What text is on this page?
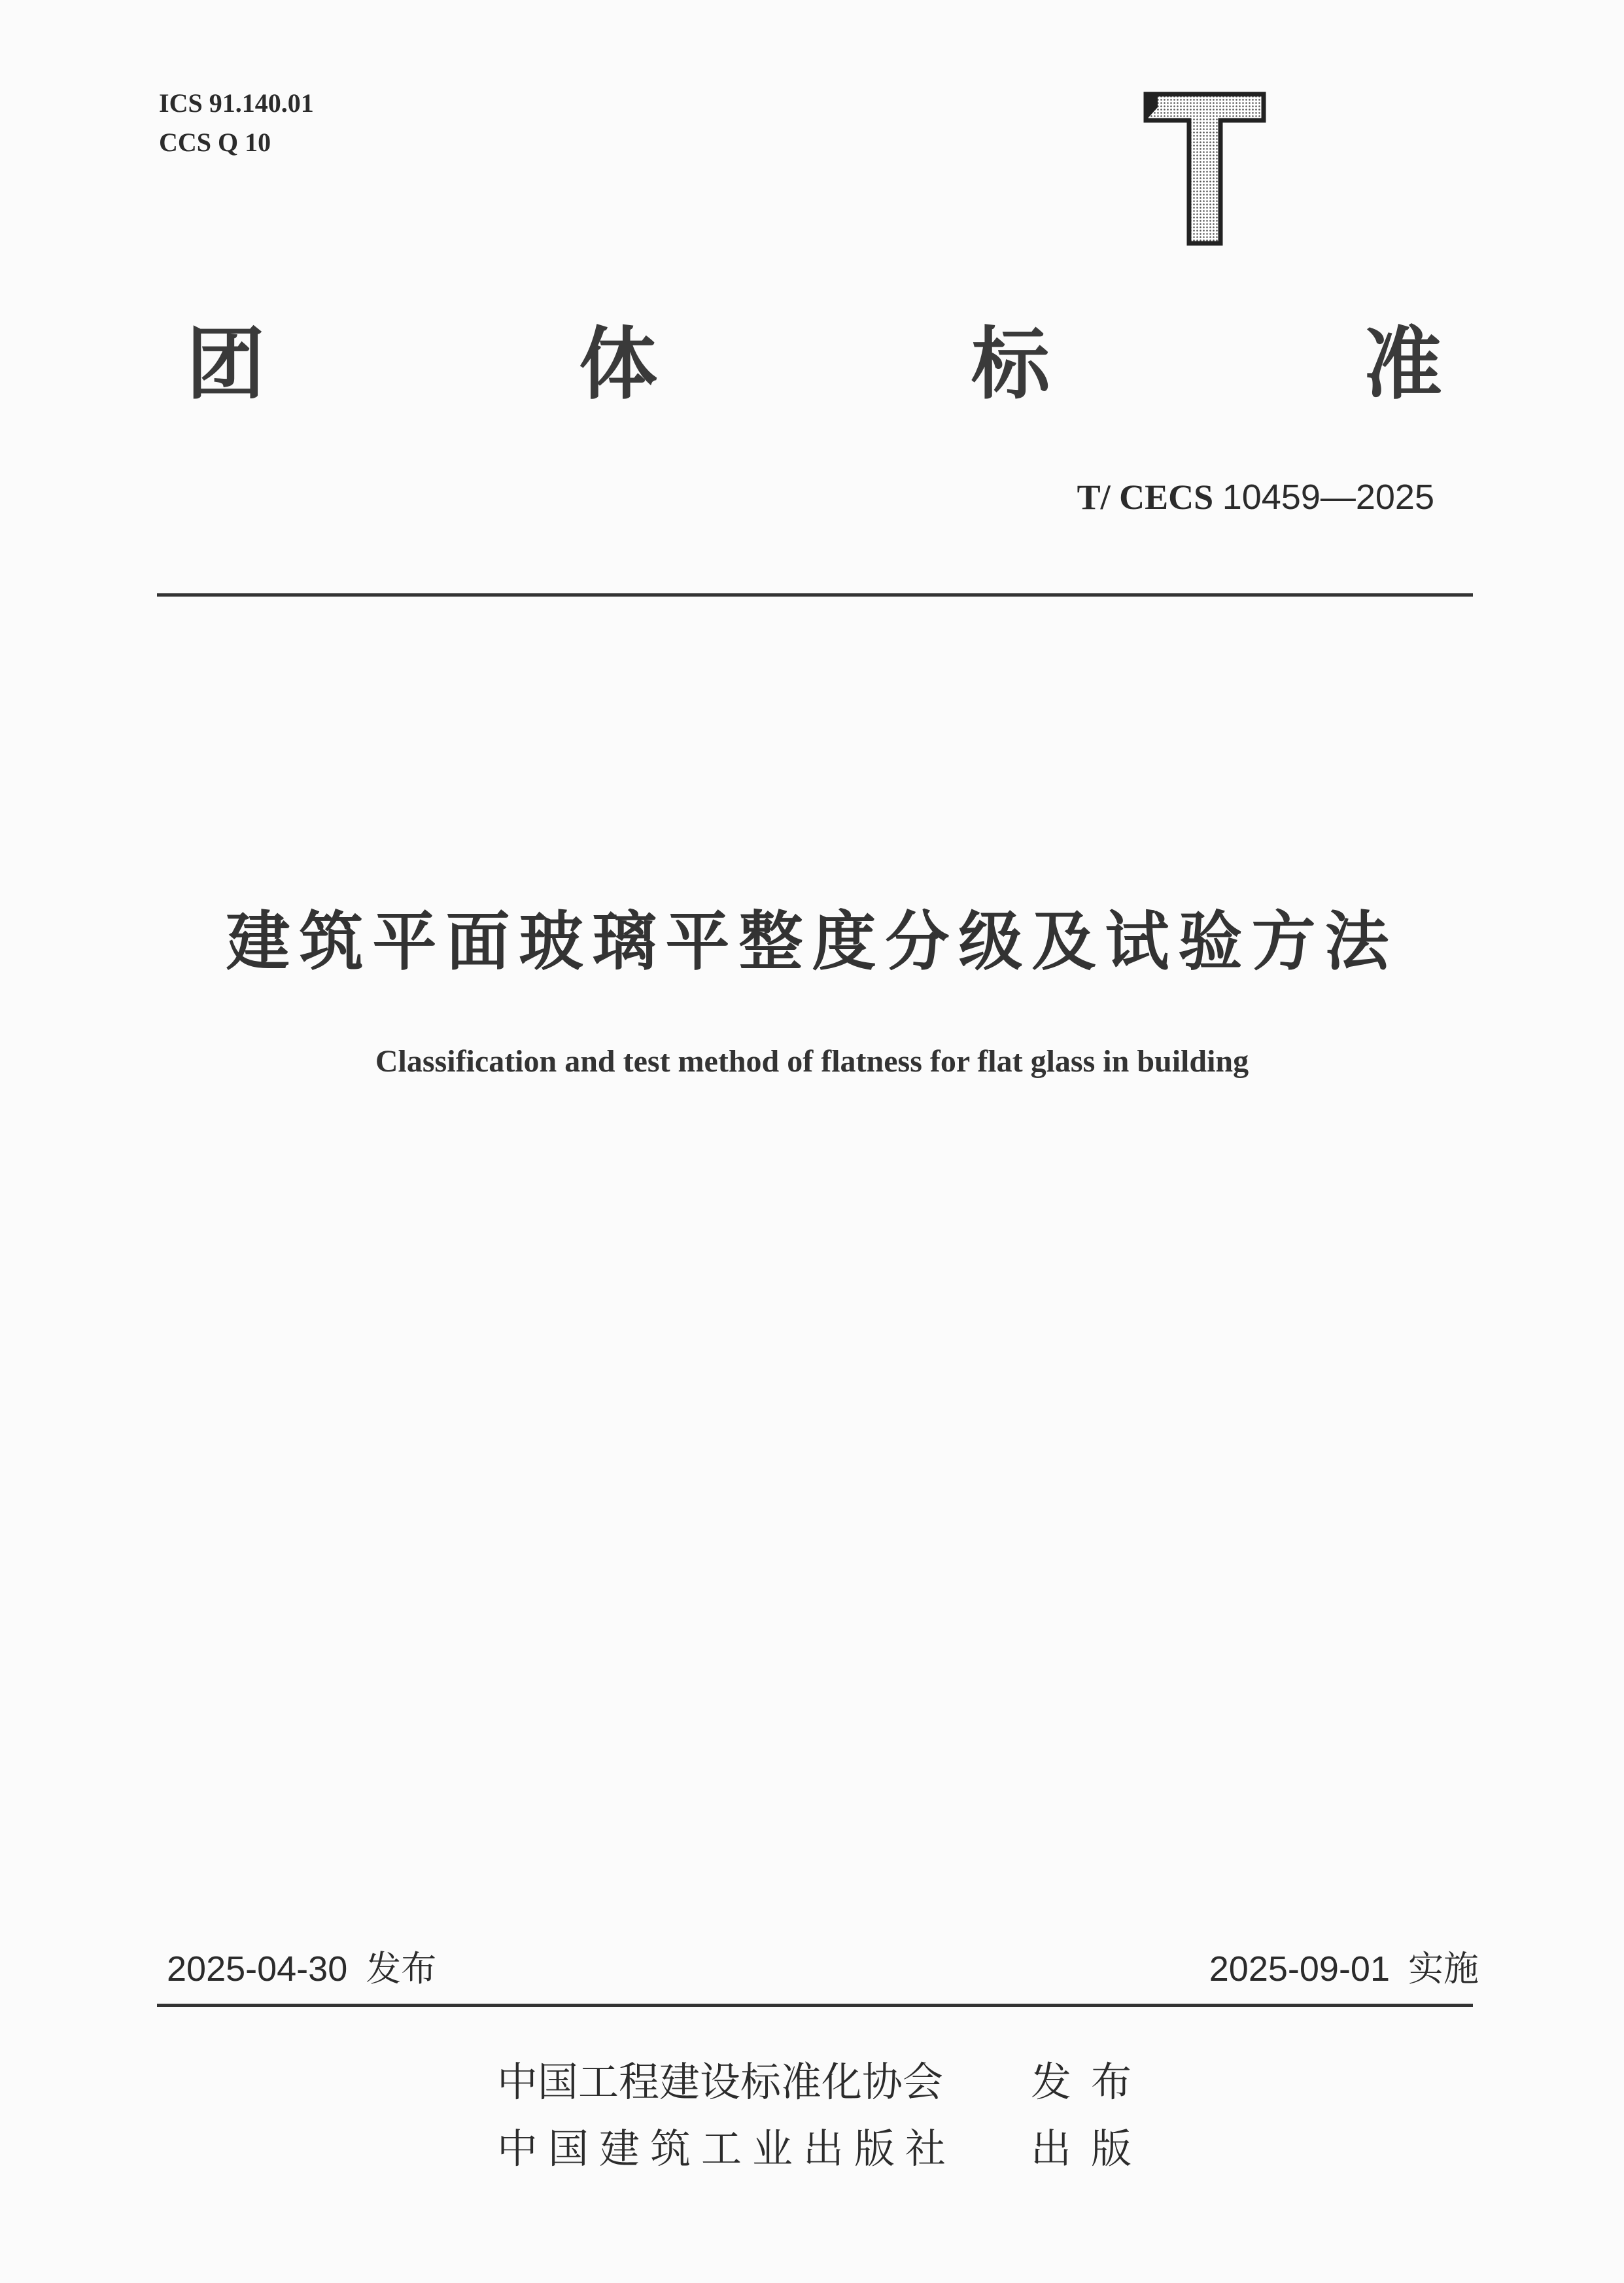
ICS 91.140.01
CCS Q 10
团	体	标	准
T/ CECS 10459—2025
建筑平面玻璃平整度分级及试验方法
Classification and test method of flatness for flat glass in building
2025-04-30 发布	2025-09-01 实施
中国工程建设标准化协会 发布
中国建筑工业出版社 出版
